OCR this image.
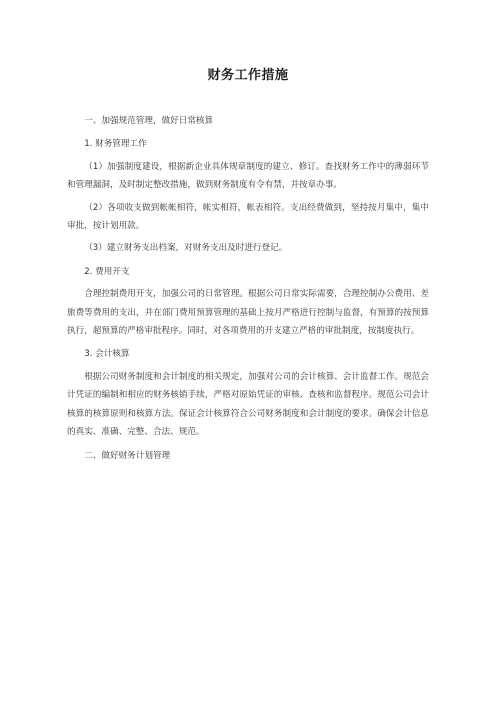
财务工作措施

一、加强规范管理，做好日常核算

1. 财务管理工作

（1）加强制度建设，根据新企业具体规章制度的建立、修订。查找财务工作中的薄弱环节和管理漏洞，及时制定整改措施，做到财务制度有令有禁，并按章办事。

（2）各项收支做到帐帐相符，帐实相符，帐表相符。支出经费做到，坚持按月集中，集中审批，按计划用款。

（3）建立财务支出档案，对财务支出及时进行登记。

2. 费用开支

合理控制费用开支，加强公司的日常管理。根据公司日常实际需要，合理控制办公费用、差旅费等费用的支出，并在部门费用预算管理的基础上按月严格进行控制与监督，有预算的按预算执行，超预算的严格审批程序。同时，对各项费用的开支建立严格的审批制度，按制度执行。

3. 会计核算

根据公司财务制度和会计制度的相关规定，加强对公司的会计核算、会计监督工作。规范会计凭证的编制和相应的财务核销手续，严格对原始凭证的审核、查核和监督程序。规范公司会计核算的核算原则和核算方法。保证会计核算符合公司财务制度和会计制度的要求。确保会计信息的真实、准确、完整、合法、规范。

二、做好财务计划管理
